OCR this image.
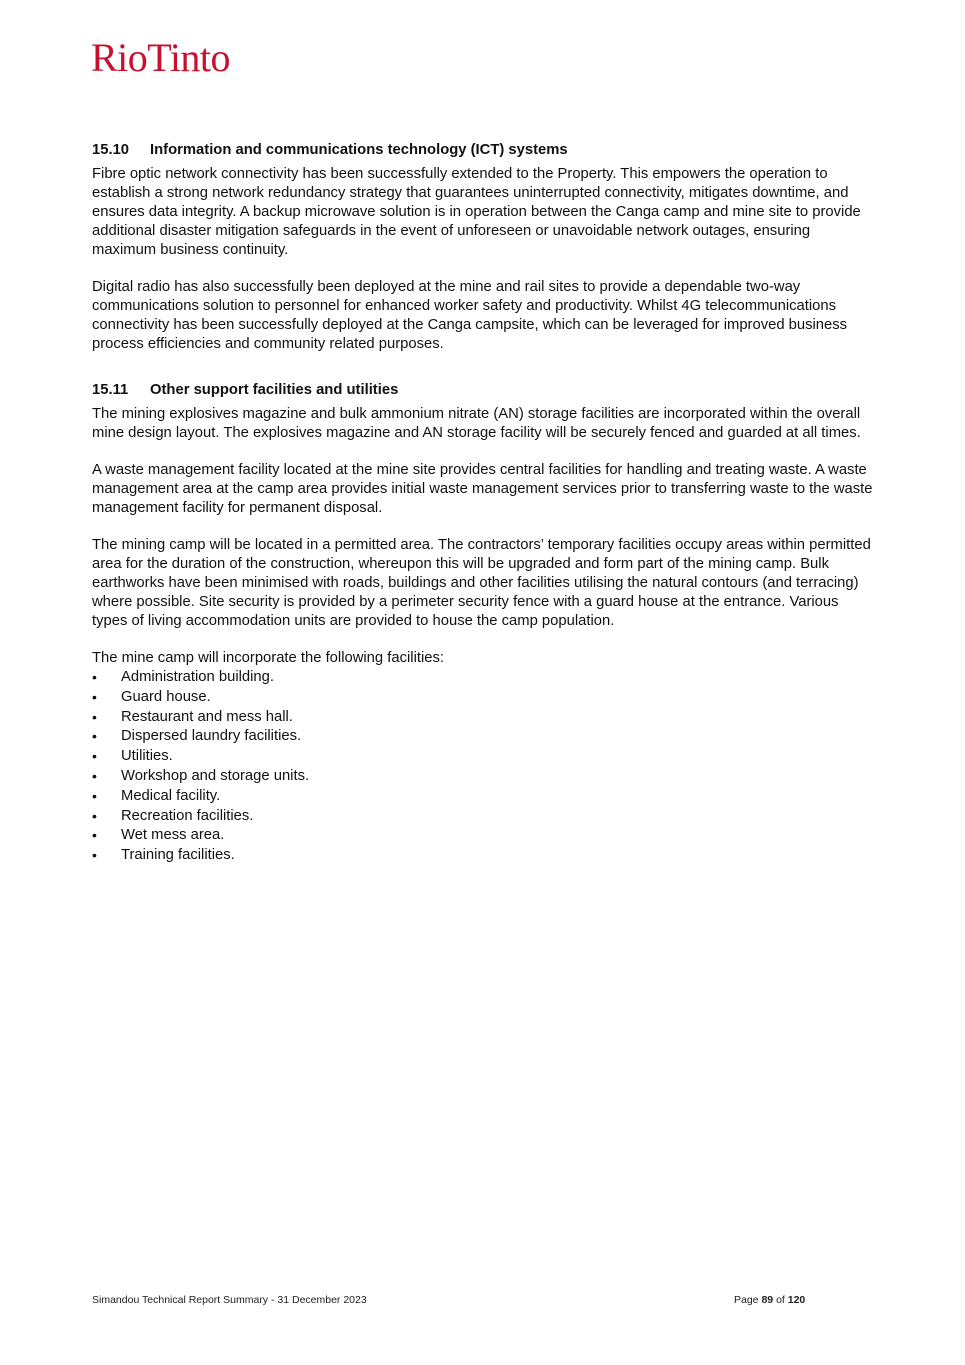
RioTinto
15.10 Information and communications technology (ICT) systems

Fibre optic network connectivity has been successfully extended to the Property. This empowers the operation to establish a strong network redundancy strategy that guarantees uninterrupted connectivity, mitigates downtime, and ensures data integrity. A backup microwave solution is in operation between the Canga camp and mine site to provide additional disaster mitigation safeguards in the event of unforeseen or unavoidable network outages, ensuring maximum business continuity.

Digital radio has also successfully been deployed at the mine and rail sites to provide a dependable two-way communications solution to personnel for enhanced worker safety and productivity. Whilst 4G telecommunications connectivity has been successfully deployed at the Canga campsite, which can be leveraged for improved business process efficiencies and community related purposes.

15.11 Other support facilities and utilities

The mining explosives magazine and bulk ammonium nitrate (AN) storage facilities are incorporated within the overall mine design layout. The explosives magazine and AN storage facility will be securely fenced and guarded at all times.

A waste management facility located at the mine site provides central facilities for handling and treating waste. A waste management area at the camp area provides initial waste management services prior to transferring waste to the waste management facility for permanent disposal.

The mining camp will be located in a permitted area. The contractors’ temporary facilities occupy areas within permitted area for the duration of the construction, whereupon this will be upgraded and form part of the mining camp. Bulk earthworks have been minimised with roads, buildings and other facilities utilising the natural contours (and terracing) where possible. Site security is provided by a perimeter security fence with a guard house at the entrance. Various types of living accommodation units are provided to house the camp population.

The mine camp will incorporate the following facilities:

•	Administration building.
•	Guard house.
•	Restaurant and mess hall.
•	Dispersed laundry facilities.
•	Utilities.
•	Workshop and storage units.
•	Medical facility.
•	Recreation facilities.
•	Wet mess area.
•	Training facilities.
Simandou Technical Report Summary - 31 December 2023	Page 89 of 120
